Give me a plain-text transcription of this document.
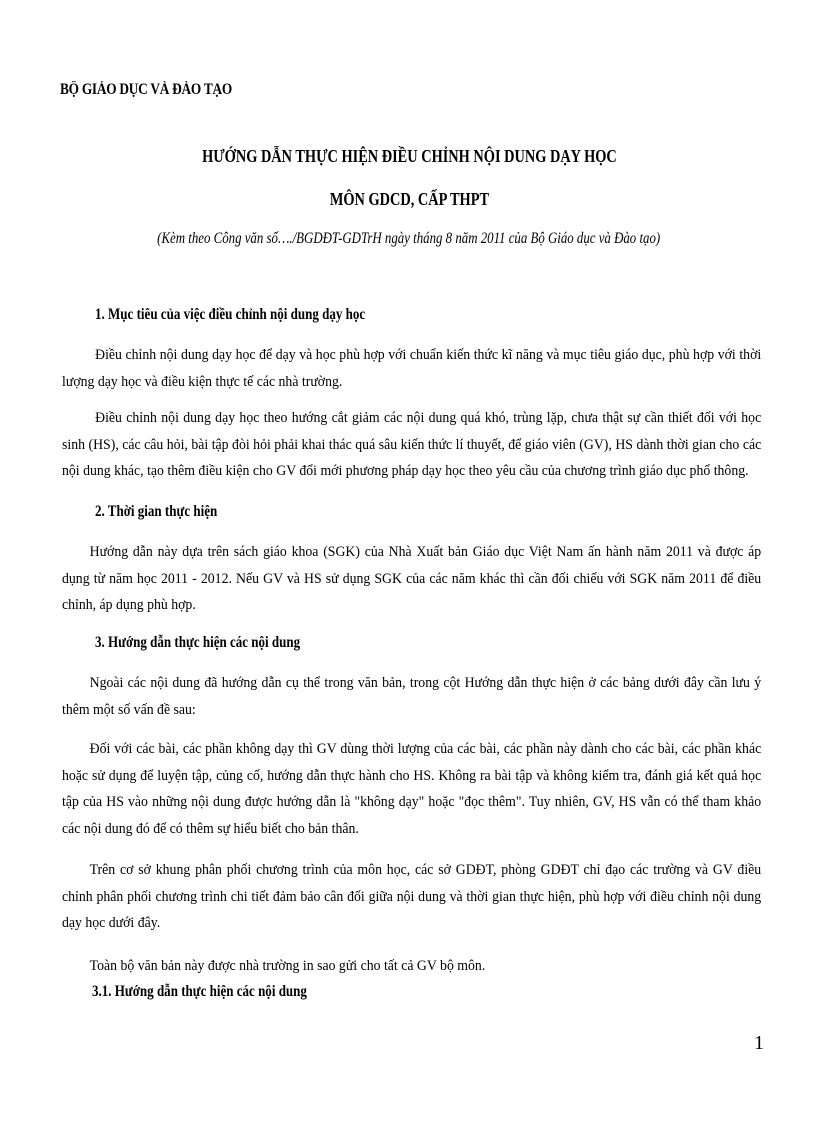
BỘ GIÁO DỤC VÀ ĐÀO TẠO
HƯỚNG DẪN THỰC HIỆN ĐIỀU CHỈNH NỘI DUNG DẠY HỌC
MÔN GDCD, CẤP THPT
(Kèm theo Công văn số…./BGDĐT-GDTrH ngày tháng 8 năm 2011 của Bộ Giáo dục và Đào tạo)
1. Mục tiêu của việc điều chỉnh nội dung dạy học

Điều chỉnh nội dung dạy học để dạy và học phù hợp với chuẩn kiến thức kĩ năng và mục tiêu giáo dục, phù hợp với thời lượng dạy học và điều kiện thực tế các nhà trường.

Điều chỉnh nội dung dạy học theo hướng cắt giảm các nội dung quá khó, trùng lặp, chưa thật sự cần thiết đối với học sinh (HS), các câu hỏi, bài tập đòi hỏi phải khai thác quá sâu kiến thức lí thuyết, để giáo viên (GV), HS dành thời gian cho các nội dung khác, tạo thêm điều kiện cho GV đổi mới phương pháp dạy học theo yêu cầu của chương trình giáo dục phổ thông.

2. Thời gian thực hiện

Hướng dẫn này dựa trên sách giáo khoa (SGK) của Nhà Xuất bản Giáo dục Việt Nam ấn hành năm 2011 và được áp dụng từ năm học 2011 - 2012. Nếu GV và HS sử dụng SGK của các năm khác thì cần đối chiếu với SGK năm 2011 để điều chỉnh, áp dụng phù hợp.

3. Hướng dẫn thực hiện các nội dung

Ngoài các nội dung đã hướng dẫn cụ thể trong văn bản, trong cột Hướng dẫn thực hiện ở các bảng dưới đây cần lưu ý thêm một số vấn đề sau:

Đối với các bài, các phần không dạy thì GV dùng thời lượng của các bài, các phần này dành cho các bài, các phần khác hoặc sử dụng để luyện tập, củng cố, hướng dẫn thực hành cho HS. Không ra bài tập và không kiểm tra, đánh giá kết quả học tập của HS vào những nội dung được hướng dẫn là "không dạy" hoặc "đọc thêm". Tuy nhiên, GV, HS vẫn có thể tham khảo các nội dung đó để có thêm sự hiểu biết cho bản thân.

Trên cơ sở khung phân phối chương trình của môn học, các sở GDĐT, phòng GDĐT chỉ đạo các trường và GV điều chỉnh phân phối chương trình chi tiết đảm bảo cân đối giữa nội dung và thời gian thực hiện, phù hợp với điều chỉnh nội dung dạy học dưới đây.

Toàn bộ văn bản này được nhà trường in sao gửi cho tất cả GV bộ môn.

3.1. Hướng dẫn thực hiện các nội dung
1
